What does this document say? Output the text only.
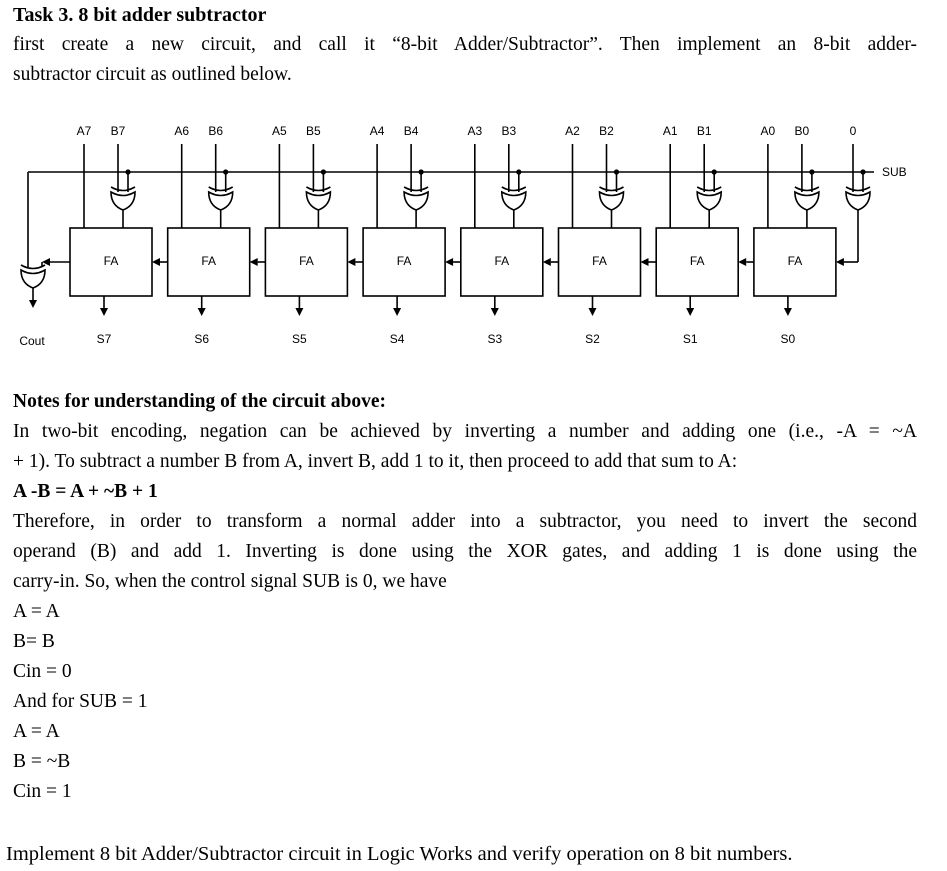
Task 3. 8 bit adder subtractor
first create a new circuit, and call it “8-bit Adder/Subtractor”. Then implement an 8-bit adder-
subtractor circuit as outlined below.
SUB
A7 B7
FA
S7
A6 B6
FA
S6
A5 B5
FA
S5
A4 B4
FA
S4
A3 B3
FA
S3
A2 B2
FA
S2
A1 B1
FA
S1
A0 B0
FA
S0
0
Cout
Notes for understanding of the circuit above:
In two-bit encoding, negation can be achieved by inverting a number and adding one (i.e., -A = ~A
+ 1). To subtract a number B from A, invert B, add 1 to it, then proceed to add that sum to A:
A -B = A + ~B + 1
Therefore, in order to transform a normal adder into a subtractor, you need to invert the second
operand (B) and add 1. Inverting is done using the XOR gates, and adding 1 is done using the
carry-in. So, when the control signal SUB is 0, we have
A = A
B= B
Cin = 0
And for SUB = 1
A = A
B = ~B
Cin = 1
Implement 8 bit Adder/Subtractor circuit in Logic Works and verify operation on 8 bit numbers.
